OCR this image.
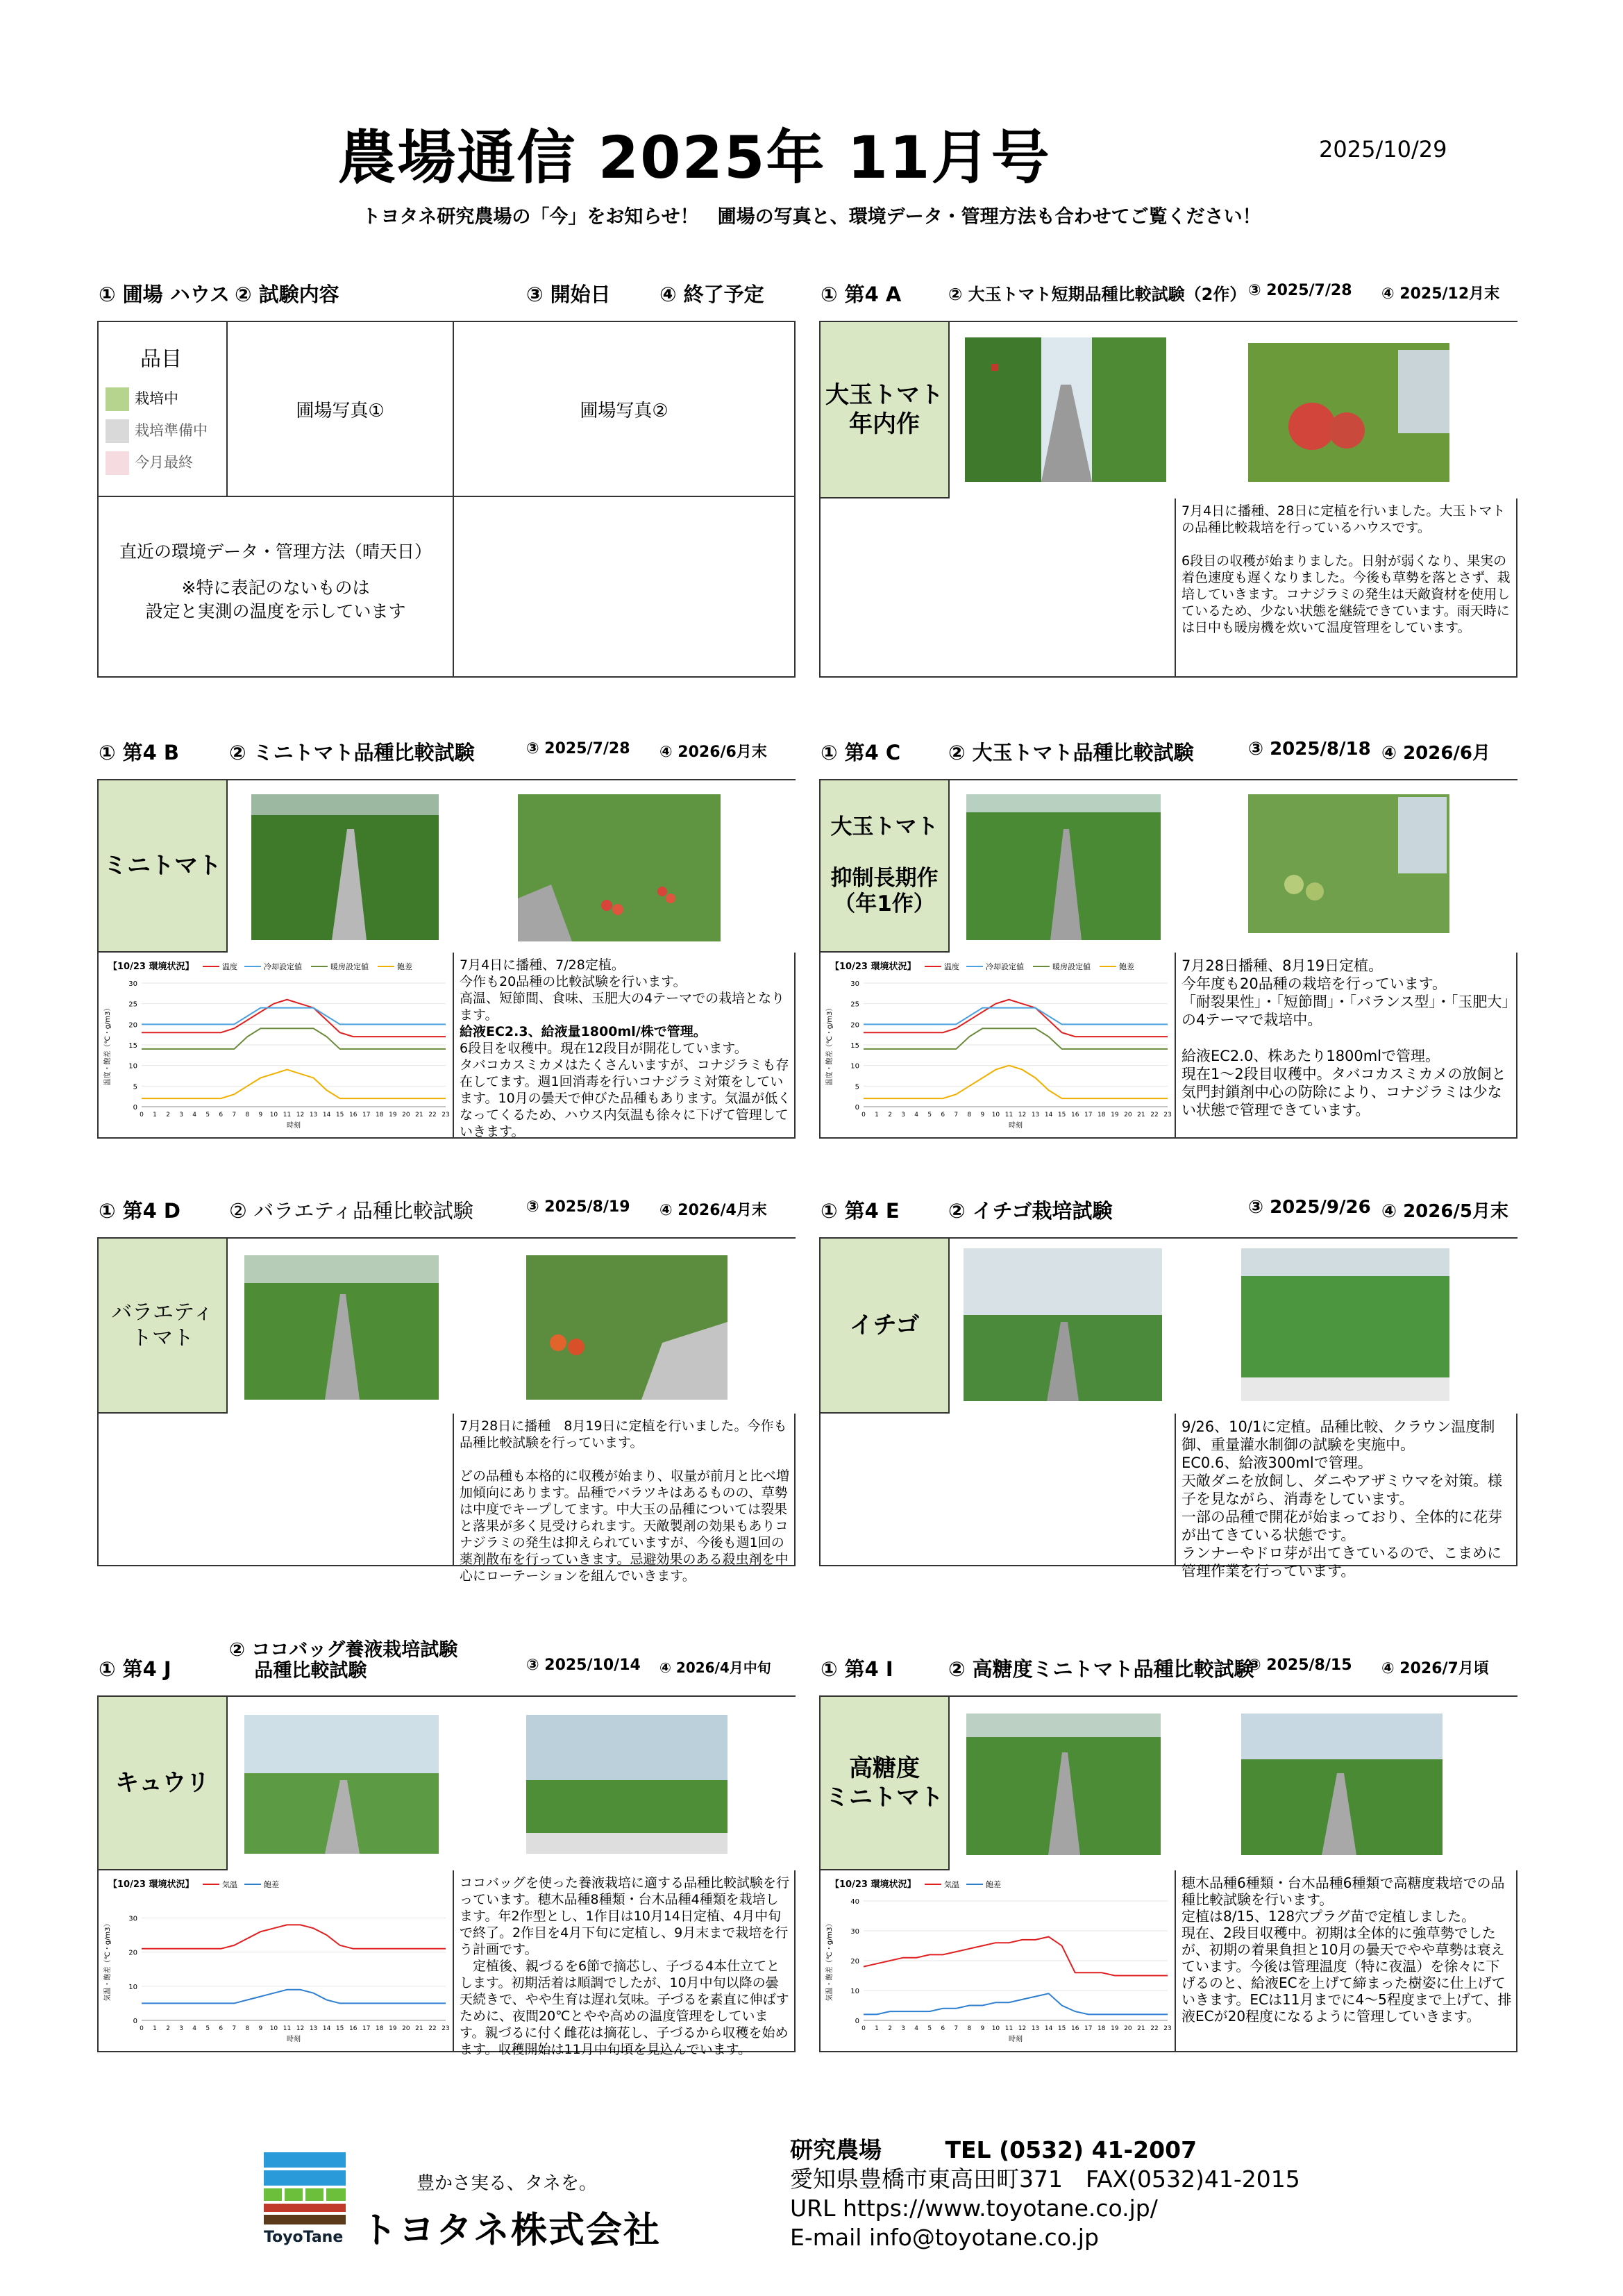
農場通信 2025年 11月号	2025/10/29
トヨタネ研究農場の「今」をお知らせ！　圃場の写真と、環境データ・管理方法も合わせてご覧ください！
① 圃場 ハウス ② 試験内容	③ 開始日 ④ 終了予定
品目
栽培中
栽培準備中
今月最終
圃場写真①	圃場写真②
直近の環境データ・管理方法（晴天日）
※特に表記のないものは
設定と実測の温度を示しています
① 第4 A	② 大玉トマト短期品種比較試験（2作） ③ 2025/7/28 ④ 2025/12月末
大玉トマト
年内作
7月4日に播種、28日に定植を行いました。大玉トマトの品種比較栽培を行っているハウスです。

6段目の収穫が始まりました。日射が弱くなり、果実の着色速度も遅くなりました。今後も草勢を落とさず、栽培していきます。コナジラミの発生は天敵資材を使用しているため、少ない状態を継続できています。雨天時には日中も暖房機を炊いて温度管理をしています。
① 第4 B ② ミニトマト品種比較試験	③ 2025/7/28 ④ 2026/6月末
ミニトマト
【10/23 環境状況】	温度	冷却設定値	暖房設定値	飽差
0
5
10
15
20
25
30
0 1 2 3 4 5 6 7 8 9 10 11 12 13 14 15 16 17 18 19 20 21 22 23
時刻
温度・飽差（℃・g/m3）
7月4日に播種、7/28定植。
今作も20品種の比較試験を行います。
高温、短節間、食味、玉肥大の4テーマでの栽培となります。
給液EC2.3、給液量1800ml/株で管理。
6段目を収穫中。現在12段目が開花しています。
タバコカスミカメはたくさんいますが、コナジラミも存在してます。週1回消毒を行いコナジラミ対策をしています。10月の曇天で伸びた品種もあります。気温が低くなってくるため、ハウス内気温も徐々に下げて管理していきます。
① 第4 C ② 大玉トマト品種比較試験	③ 2025/8/18 ④ 2026/6月
大玉トマト

抑制長期作
（年1作）
【10/23 環境状況】	温度	冷却設定値	暖房設定値	飽差
0
5
10
15
20
25
30
0 1 2 3 4 5 6 7 8 9 10 11 12 13 14 15 16 17 18 19 20 21 22 23
時刻
温度・飽差（℃・g/m3）
7月28日播種、8月19日定植。
今年度も20品種の栽培を行っています。
「耐裂果性」・「短節間」・「バランス型」・「玉肥大」の4テーマで栽培中。

給液EC2.0、株あたり1800mlで管理。
現在1～2段目収穫中。タバコカスミカメの放飼と気門封鎖剤中心の防除により、コナジラミは少ない状態で管理できています。
① 第4 D ② バラエティ品種比較試験	③ 2025/8/19 ④ 2026/4月末
バラエティ
トマト
7月28日に播種　8月19日に定植を行いました。今作も品種比較試験を行っています。

どの品種も本格的に収穫が始まり、収量が前月と比べ増加傾向にあります。品種でバラツキはあるものの、草勢は中度でキープしてます。中大玉の品種については裂果と落果が多く見受けられます。天敵製剤の効果もありコナジラミの発生は抑えられていますが、今後も週1回の薬剤散布を行っていきます。忌避効果のある殺虫剤を中心にローテーションを組んでいきます。
① 第4 E ② イチゴ栽培試験	③ 2025/9/26 ④ 2026/5月末
イチゴ
9/26、10/1に定植。品種比較、クラウン温度制御、重量灌水制御の試験を実施中。
EC0.6、給液300mlで管理。
天敵ダニを放飼し、ダニやアザミウマを対策。様子を見ながら、消毒をしています。
一部の品種で開花が始まっており、全体的に花芽が出てきている状態です。
ランナーやドロ芽が出てきているので、こまめに管理作業を行っています。
① 第4 J
② ココバッグ養液栽培試験
　 品種比較試験	③ 2025/10/14 ④ 2026/4月中旬
キュウリ
【10/23 環境状況】	気温	飽差
0
10
20
30
0 1 2 3 4 5 6 7 8 9 10 11 12 13 14 15 16 17 18 19 20 21 22 23
時刻
気温・飽差（℃・g/m3）
ココバッグを使った養液栽培に適する品種比較試験を行っています。穂木品種8種類・台木品種4種類を栽培します。年2作型とし、1作目は10月14日定植、4月中旬で終了。2作目を4月下旬に定植し、9月末まで栽培を行う計画です。
　定植後、親づるを6節で摘芯し、子づる4本仕立てとします。初期活着は順調でしたが、10月中旬以降の曇天続きで、やや生育は遅れ気味。子づるを素直に伸ばすために、夜間20℃とやや高めの温度管理をしています。親づるに付く雌花は摘花し、子づるから収穫を始めます。収穫開始は11月中旬頃を見込んでいます。
① 第4 I	② 高糖度ミニトマト品種比較試験
③ 2025/8/15 ④ 2026/7月頃
高糖度
ミニトマト
【10/23 環境状況】	気温	飽差
0
10
20
30
40
0 1 2 3 4 5 6 7 8 9 10 11 12 13 14 15 16 17 18 19 20 21 22 23
時刻
気温・飽差（℃・g/m3）
穂木品種6種類・台木品種6種類で高糖度栽培での品種比較試験を行います。
定植は8/15、128穴プラグ苗で定植しました。
現在、2段目収穫中。初期は全体的に強草勢でしたが、初期の着果負担と10月の曇天でやや草勢は衰えています。今後は管理温度（特に夜温）を徐々に下げるのと、給液ECを上げて締まった樹姿に仕上げていきます。ECは11月までに4～5程度まで上げて、排液ECが20程度になるように管理していきます。
ToyoTane
豊かさ実る、タネを。
トヨタネ株式会社
研究農場	TEL (0532) 41-2007
愛知県豊橋市東高田町371　FAX(0532)41-2015
URL https://www.toyotane.co.jp/
E-mail info@toyotane.co.jp
